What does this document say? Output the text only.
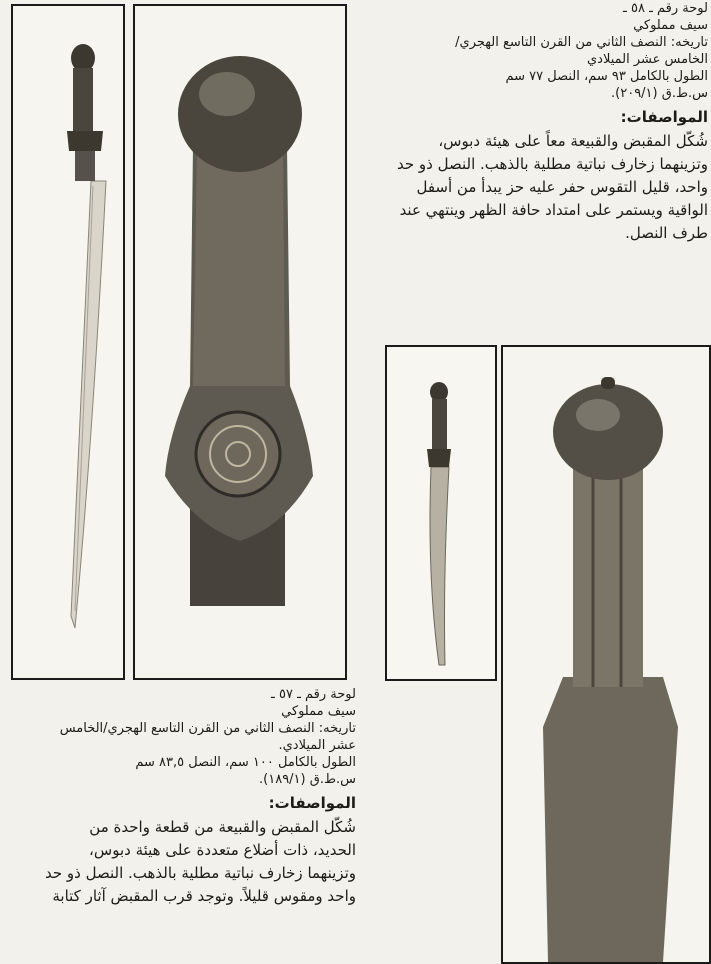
لوحة رقم ـ ٥٨ ـ
سيف مملوكي
تاريخه: النصف الثاني من القرن التاسع الهجري/
الخامس عشر الميلادي
الطول بالكامل ٩٣ سم، النصل ٧٧ سم
س.ط.ق (٢٠٩/١).
المواصفات:

شُكّل المقبض والقبيعة معاً على هيئة دبوس،

وتزينهما زخارف نباتية مطلية بالذهب. النصل ذو حد

واحد، قليل التقوس حفر عليه حز يبدأ من أسفل

الواقية ويستمر على امتداد حافة الظهر وينتهي عند

طرف النصل.

لوحة رقم ـ ٥٧ ـ
سيف مملوكي
تاريخه: النصف الثاني من القرن التاسع الهجري/الخامس
عشر الميلادي.
الطول بالكامل ١٠٠ سم، النصل ٨٣,٥ سم
س.ط.ق (١٨٩/١).
المواصفات:

شُكّل المقبض والقبيعة من قطعة واحدة من

الحديد، ذات أضلاع متعددة على هيئة دبوس،

وتزينهما زخارف نباتية مطلية بالذهب. النصل ذو حد

واحد ومقوس قليلاً. وتوجد قرب المقبض آثار كتابة
